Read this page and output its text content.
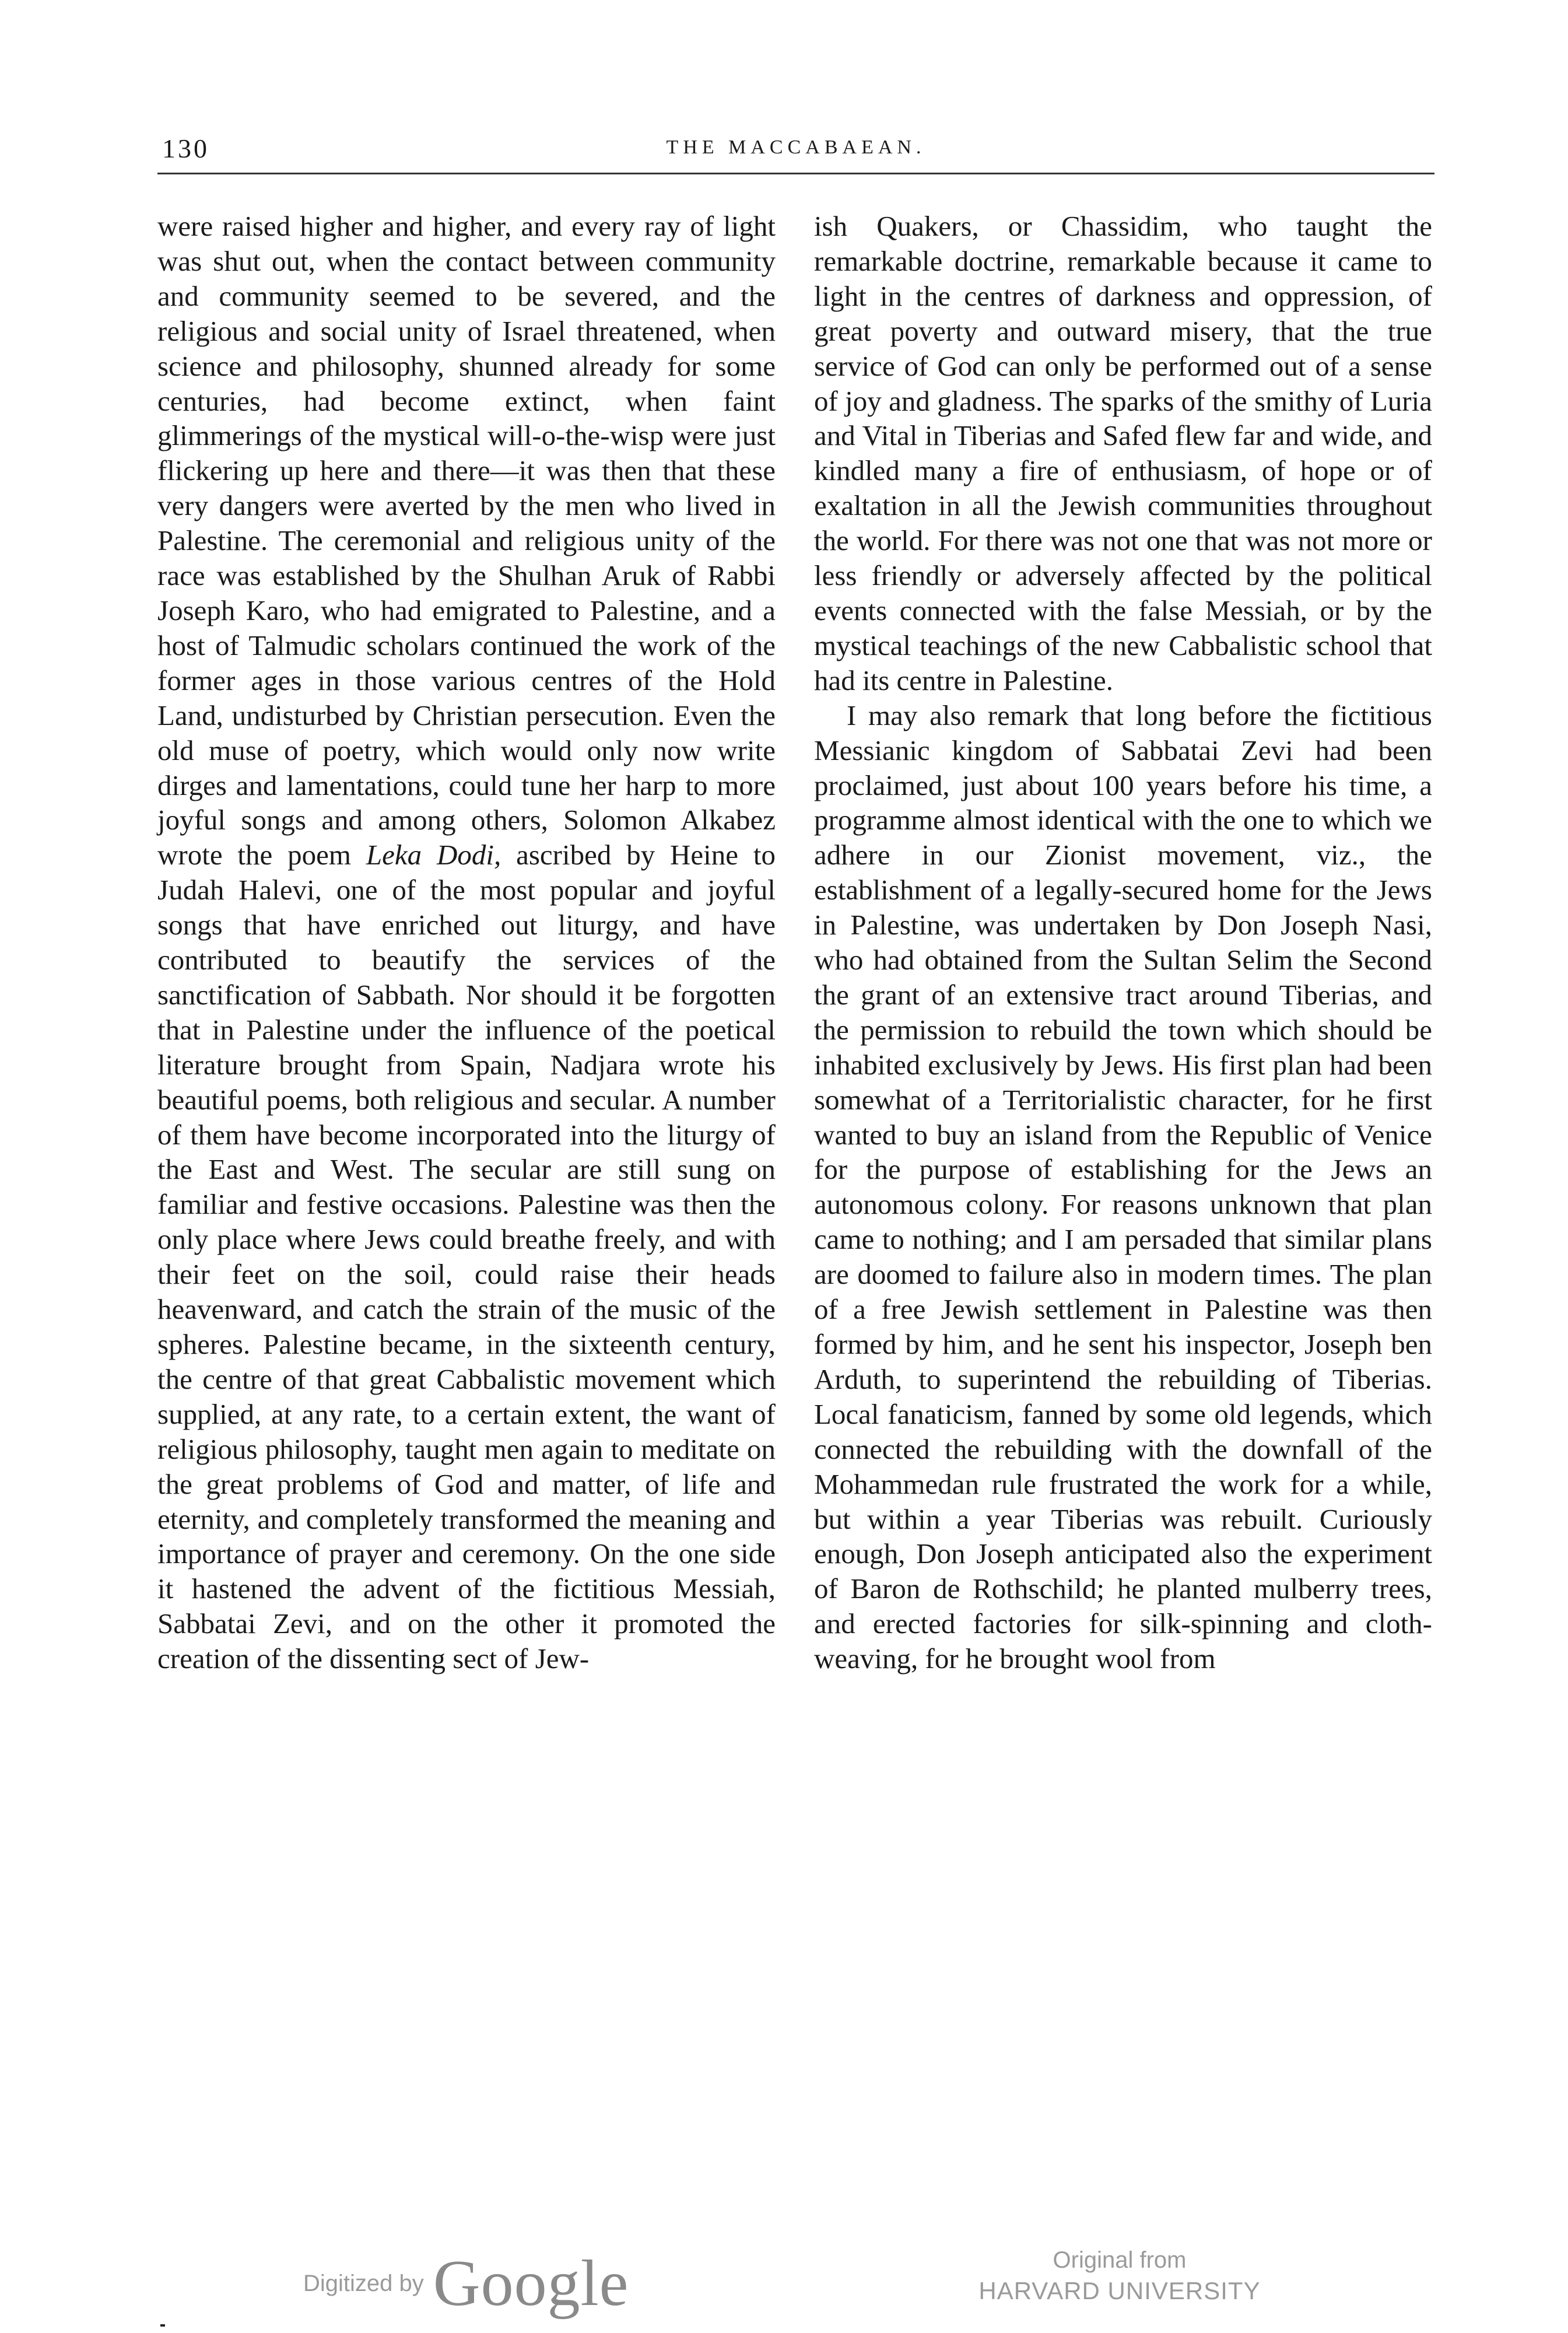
130	THE MACCABAEAN.

were raised higher and higher, and every ray of light was shut out, when the contact between community and community seemed to be severed, and the religious and social unity of Israel threatened, when science and philosophy, shunned already for some centuries, had become extinct, when faint glimmerings of the mystical will-o-the-wisp were just flickering up here and there—it was then that these very dangers were averted by the men who lived in Palestine. The ceremonial and religious unity of the race was established by the Shulhan Aruk of Rabbi Joseph Karo, who had emigrated to Palestine, and a host of Talmudic scholars continued the work of the former ages in those various centres of the Hold Land, undisturbed by Christian persecution. Even the old muse of poetry, which would only now write dirges and lamentations, could tune her harp to more joyful songs and among others, Solomon Alkabez wrote the poem Leka Dodi, ascribed by Heine to Judah Halevi, one of the most popular and joyful songs that have enriched out liturgy, and have contributed to beautify the services of the sanctification of Sabbath. Nor should it be forgotten that in Palestine under the influence of the poetical literature brought from Spain, Nadjara wrote his beautiful poems, both religious and secular. A number of them have become incorporated into the liturgy of the East and West. The secular are still sung on familiar and festive occasions. Palestine was then the only place where Jews could breathe freely, and with their feet on the soil, could raise their heads heavenward, and catch the strain of the music of the spheres. Palestine became, in the sixteenth century, the centre of that great Cabbalistic movement which supplied, at any rate, to a certain extent, the want of religious philosophy, taught men again to meditate on the great problems of God and matter, of life and eternity, and completely transformed the meaning and importance of prayer and ceremony. On the one side it hastened the advent of the fictitious Messiah, Sabbatai Zevi, and on the other it promoted the creation of the dissenting sect of Jew-

ish Quakers, or Chassidim, who taught the remarkable doctrine, remarkable because it came to light in the centres of darkness and oppression, of great poverty and outward misery, that the true service of God can only be performed out of a sense of joy and gladness. The sparks of the smithy of Luria and Vital in Tiberias and Safed flew far and wide, and kindled many a fire of enthusiasm, of hope or of exaltation in all the Jewish communities throughout the world. For there was not one that was not more or less friendly or adversely affected by the political events connected with the false Messiah, or by the mystical teachings of the new Cabbalistic school that had its centre in Palestine.

I may also remark that long before the fictitious Messianic kingdom of Sabbatai Zevi had been proclaimed, just about 100 years before his time, a programme almost identical with the one to which we adhere in our Zionist movement, viz., the establishment of a legally-secured home for the Jews in Palestine, was undertaken by Don Joseph Nasi, who had obtained from the Sultan Selim the Second the grant of an extensive tract around Tiberias, and the permission to rebuild the town which should be inhabited exclusively by Jews. His first plan had been somewhat of a Territorialistic character, for he first wanted to buy an island from the Republic of Venice for the purpose of establishing for the Jews an autonomous colony. For reasons unknown that plan came to nothing; and I am persaded that similar plans are doomed to failure also in modern times. The plan of a free Jewish settlement in Palestine was then formed by him, and he sent his inspector, Joseph ben Arduth, to superintend the rebuilding of Tiberias. Local fanaticism, fanned by some old legends, which connected the rebuilding with the downfall of the Mohammedan rule frustrated the work for a while, but within a year Tiberias was rebuilt. Curiously enough, Don Joseph anticipated also the experiment of Baron de Rothschild; he planted mulberry trees, and erected factories for silk-spinning and cloth-weaving, for he brought wool from

Digitized by Google	Original from
HARVARD UNIVERSITY
